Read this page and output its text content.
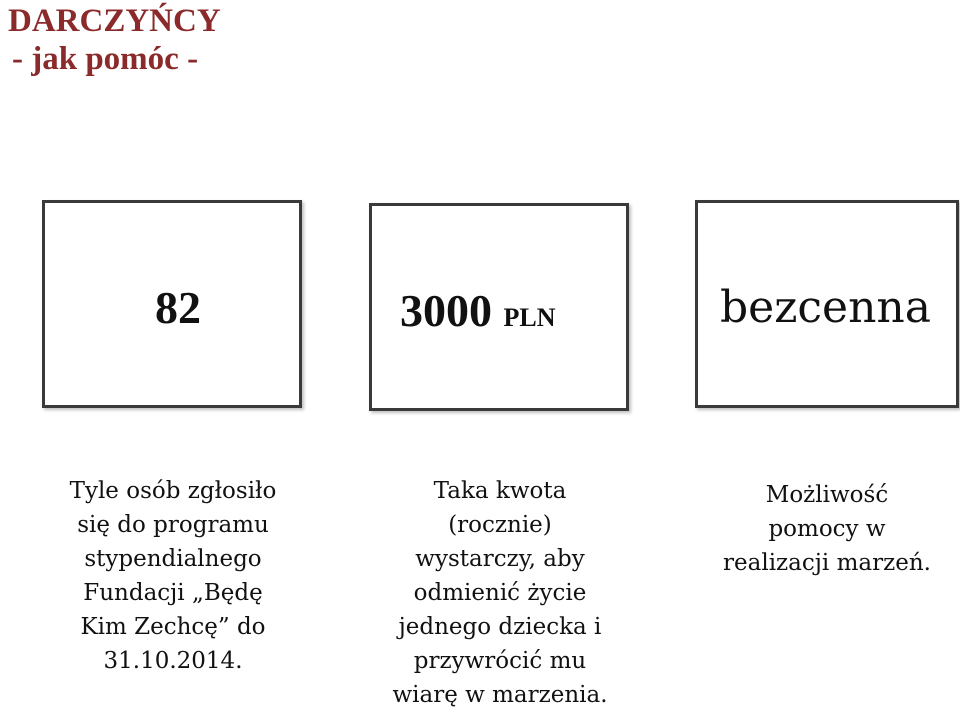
DARCZYŃCY
- jak pomóc -
82	3000 PLN	bezcenna
Tyle osób zgłosiło
się do programu
stypendialnego
Fundacji „Będę
Kim Zechcę” do
31.10.2014.
Taka kwota
(rocznie)
wystarczy, aby
odmienić życie
jednego dziecka i
przywrócić mu
wiarę w marzenia.
Możliwość
pomocy w
realizacji marzeń.
